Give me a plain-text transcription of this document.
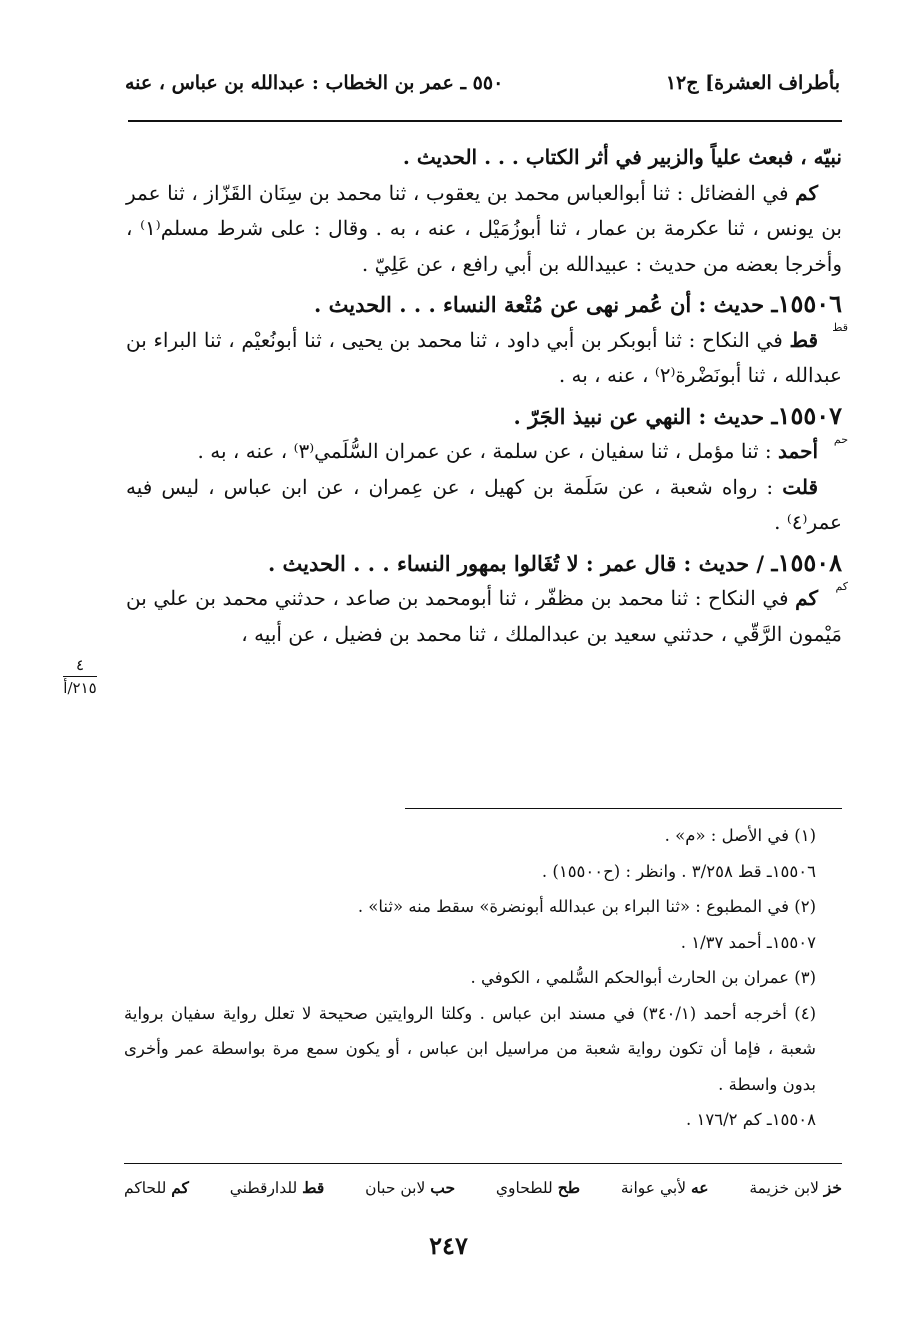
بأطراف العشرة] ج١٢
٥٥٠ ـ عمر بن الخطاب : عبدالله بن عباس ، عنه

نبيّه ، فبعث علياً والزبير في أثر الكتاب . . . الحديث .

كم في الفضائل : ثنا أبوالعباس محمد بن يعقوب ، ثنا محمد بن سِنَان القَزّاز ، ثنا عمر بن يونس ، ثنا عكرمة بن عمار ، ثنا أبوزُمَيْل ، عنه ، به . وقال : على شرط مسلم⁽١⁾ ، وأخرجا بعضه من حديث : عبيدالله بن أبي رافع ، عن عَلِيّ .

١٥٥٠٦ـ حديث : أن عُمر نهى عن مُتْعة النساء . . . الحديث .
قط

قط في النكاح : ثنا أبوبكر بن أبي داود ، ثنا محمد بن يحيى ، ثنا أبونُعيْم ، ثنا البراء بن عبدالله ، ثنا أبونَضْرة⁽٢⁾ ، عنه ، به .

١٥٥٠٧ـ حديث : النهي عن نبيذ الجَرّ .
حم

أحمد : ثنا مؤمل ، ثنا سفيان ، عن سلمة ، عن عمران السُّلَمي⁽٣⁾ ، عنه ، به .

قلت : رواه شعبة ، عن سَلَمة بن كهيل ، عن عِمران ، عن ابن عباس ، ليس فيه عمر⁽٤⁾ .

١٥٥٠٨ـ / حديث : قال عمر : لا تُغَالوا بمهور النساء . . . الحديث .
كم

كم في النكاح : ثنا محمد بن مظفّر ، ثنا أبومحمد بن صاعد ، حدثني محمد بن علي بن مَيْمون الرَّقّي ، حدثني سعيد بن عبدالملك ، ثنا محمد بن فضيل ، عن أبيه ،

٤
٢١٥/أ

(١) في الأصل : «م» .

١٥٥٠٦ـ قط ٣/٢٥٨ . وانظر : (ح١٥٥٠٠) .

(٢) في المطبوع : «ثنا البراء بن عبدالله أبونضرة» سقط منه «ثنا» .

١٥٥٠٧ـ أحمد ١/٣٧ .

(٣) عمران بن الحارث أبوالحكم السُّلمي ، الكوفي .

(٤) أخرجه أحمد (٣٤٠/١) في مسند ابن عباس . وكلتا الروايتين صحيحة لا تعلل رواية سفيان برواية شعبة ، فإما أن تكون رواية شعبة من مراسيل ابن عباس ، أو يكون سمع مرة بواسطة عمر وأخرى بدون واسطة .

١٥٥٠٨ـ كم ١٧٦/٢ .

خز لابن خزيمة
عه لأبي عوانة
طح للطحاوي
حب لابن حبان
قط للدارقطني
كم للحاكم
٢٤٧
